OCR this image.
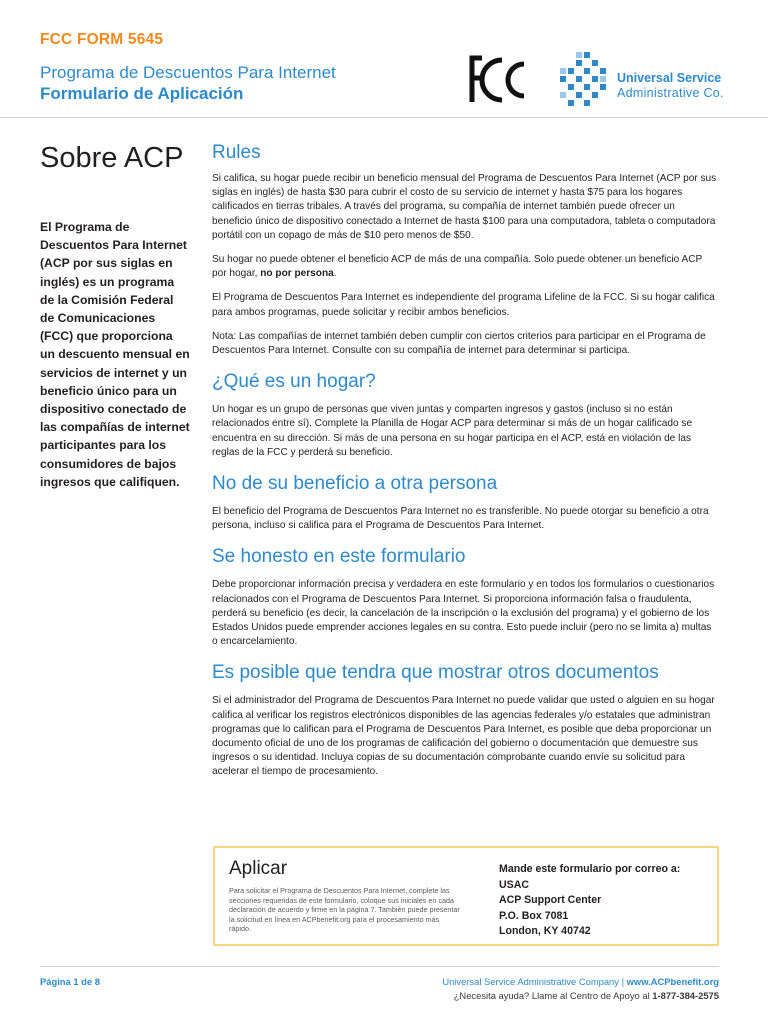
FCC FORM 5645
Programa de Descuentos Para Internet
Formulario de Aplicación
Universal Service
Administrative Co.
Sobre ACP
El Programa de Descuentos Para Internet (ACP por sus siglas en inglés) es un programa de la Comisión Federal de Comunicaciones (FCC) que proporciona un descuento mensual en servicios de internet y un beneficio único para un dispositivo conectado de las compañías de internet participantes para los consumidores de bajos ingresos que califiquen.
Rules

Si califica, su hogar puede recibir un beneficio mensual del Programa de Descuentos Para Internet (ACP por sus siglas en inglés) de hasta $30 para cubrir el costo de su servicio de internet y hasta $75 para los hogares calificados en tierras tribales. A través del programa, su compañía de internet también puede ofrecer un beneficio único de dispositivo conectado a Internet de hasta $100 para una computadora, tableta o computadora portátil con un copago de más de $10 pero menos de $50.

Su hogar no puede obtener el beneficio ACP de más de una compañía. Solo puede obtener un beneficio ACP por hogar, no por persona.

El Programa de Descuentos Para Internet es independiente del programa Lifeline de la FCC. Si su hogar califica para ambos programas, puede solicitar y recibir ambos beneficios.

Nota: Las compañías de internet también deben cumplir con ciertos criterios para participar en el Programa de Descuentos Para Internet. Consulte con su compañía de internet para determinar si participa.

¿Qué es un hogar?

Un hogar es un grupo de personas que viven juntas y comparten ingresos y gastos (incluso si no están relacionados entre sí). Complete la Planilla de Hogar ACP para determinar si más de un hogar calificado se encuentra en su dirección. Si más de una persona en su hogar participa en el ACP, está en violación de las reglas de la FCC y perderá su beneficio.

No de su beneficio a otra persona

El beneficio del Programa de Descuentos Para Internet no es transferible. No puede otorgar su beneficio a otra persona, incluso si califica para el Programa de Descuentos Para Internet.

Se honesto en este formulario

Debe proporcionar información precisa y verdadera en este formulario y en todos los formularios o cuestionarios relacionados con el Programa de Descuentos Para Internet. Si proporciona información falsa o fraudulenta, perderá su beneficio (es decir, la cancelación de la inscripción o la exclusión del programa) y el gobierno de los Estados Unidos puede emprender acciones legales en su contra. Esto puede incluir (pero no se limita a) multas o encarcelamiento.

Es posible que tendra que mostrar otros documentos

Si el administrador del Programa de Descuentos Para Internet no puede validar que usted o alguien en su hogar califica al verificar los registros electrónicos disponibles de las agencias federales y/o estatales que administran programas que lo califican para el Programa de Descuentos Para Internet, es posible que deba proporcionar un documento oficial de uno de los programas de calificación del gobierno o documentación que demuestre sus ingresos o su identidad. Incluya copias de su documentación comprobante cuando envíe su solicitud para acelerar el tiempo de procesamiento.

Aplicar
Para solicitar el Programa de Descuentos Para Internet, complete las secciones requeridas de este formulario, coloque sus iniciales en cada declaración de acuerdo y firme en la página 7. También puede presentar la solicitud en línea en ACPbenefit.org para el procesamiento más rápido.
Mande este formulario por correo a:
USAC
ACP Support Center
P.O. Box 7081
London, KY 40742
Página 1 de 8	Universal Service Administrative Company | www.ACPbenefit.org
¿Necesita ayuda? Llame al Centro de Apoyo al 1-877-384-2575
